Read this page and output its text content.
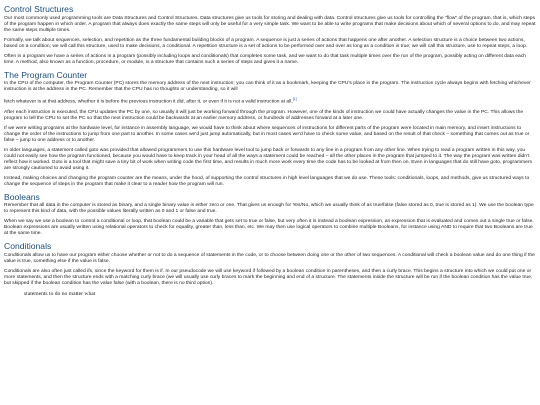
Control Structures

Our most commonly used programming tools are Data Structures and Control Structures. Data structures give us tools for storing and dealing with data. Control structures give us tools for controlling the “flow” of the program, that is, which steps of the program happen in which order. A program that always does exactly the same steps will only be useful for a very simple task. We want to be able to write programs that make decisions about which of several options to do, and may repeat the same steps multiple times.

Formally, we talk about sequences, selection, and repetition as the three fundamental building blocks of a program. A sequence is just a series of actions that happens one after another. A selection structure is a choice between two actions, based on a condition; we will call this structure, used to make decisions, a conditional. A repetition structure is a set of actions to be performed over and over as long as a condition is true; we will call this structure, use to repeat steps, a loop.

Often in a program we have a series of actions in a program (possibly including loops and conditionals) that completes some task, and we want to do that task multiple times over the run of the program, possibly acting on different data each time. A method, also known as a function, procedure, or module, is a structure that contains such a series of steps and gives it a name.

The Program Counter

In the CPU of the computer, the Program Counter (PC) stores the memory address of the next instruction; you can think of it as a bookmark, keeping the CPU’s place in the program. The instruction cycle always begins with fetching whichever instruction is at the address in the PC. Remember that the CPU has no thoughts or understanding, so it will

fetch whatever is at that address, whether it is before the previous instruction it did, after it, or even if it is not a valid instruction at all.[1]

After each instruction is executed, the CPU updates the PC by one, so usually it will just be working forward through the program. However, one of the kinds of instruction we could have actually changes the value in the PC. This allows the program to tell the CPU to set the PC so that the next instruction could be backwards at an earlier memory address, or hundreds of addresses forward at a later one.

If we were writing programs at the hardware level, for instance in assembly language, we would have to think about where sequences of instructions for different parts of the program were located in main memory, and insert instructions to change the order of the instructions to jump from one part to another. In some cases we’d just jump automatically, but in most cases we’d have to check some value, and based on the result of that check – something that comes out as true or false – jump to one address or to another.

In older languages, a statement called goto was provided that allowed programmers to use this hardware level tool to jump back or forwards to any line in a program from any other line. When trying to read a program written in this way, you could not easily see how the program functioned, because you would have to keep track in your head of all the ways a statement could be reached – all the other places in the program that jumped to it. The way the program was written didn’t reflect how it worked. Goto is a tool that might save a tiny bit of work when writing code the first time, and results in much more work every time the code has to be looked at from then on. Even in languages that do still have goto, programmers are strongly cautioned to avoid using it.

Instead, making choices and changing the program counter are the means, under the hood, of supporting the control structures in high level languages that we do use. These tools: conditionals, loops, and methods, give us structured ways to change the sequence of steps in the program that make it clear to a reader how the program will run.

Booleans

Remember that all data in the computer is stored as binary, and a single binary value is either zero or one. That gives us enough for Yes/No, which we usually think of as true/false (false stored as 0, true is stored as 1). We use the boolean type to represent this kind of data, with the possible values literally written as 0 and 1 or false and true.

When we say we use a boolean to control a conditional or loop, that boolean could be a variable that gets set to true or false, but very often it is instead a boolean expression, an expression that is evaluated and comes out a single true or false. Boolean expressions are usually written using relational operators to check for equality, greater than, less than, etc. We may then use logical operators to combine multiple Booleans, for instance using AND to require that two Booleans are true at the same time.

Conditionals

Conditionals allow us to have our program either choose whether or not to do a sequence of statements in the code, or to choose between doing one or the other of two sequences. A conditional will check a boolean value and do one thing if the value is true, something else if the value is false.

Conditionals are also often just called ifs, since the keyword for them is if. In our pseudocode we will use keyword if followed by a boolean condition in parentheses, and then a curly brace. This begins a structure into which we could put one or more statements, and then the structure ends with a matching curly brace (we will usually use curly braces to mark the beginning and end of a structure. The statements inside the structure will be run if the boolean condition has the value true, but skipped if the boolean condition has the value false (with a boolean, there is no third option).

statements to do no matter what
